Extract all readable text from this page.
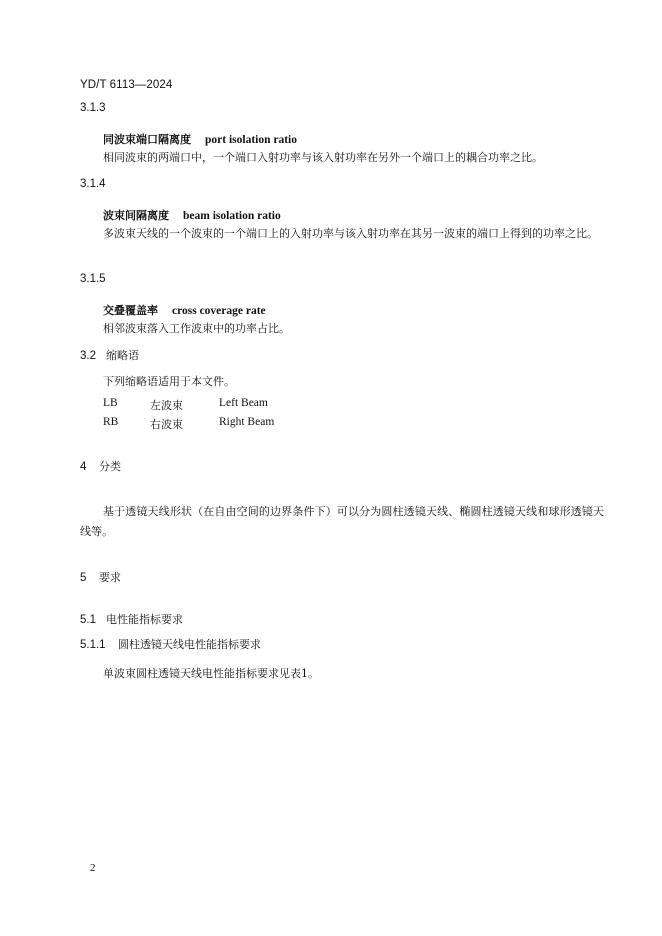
YD/T 6113—2024
3.1.3
同波束端口隔离度 port isolation ratio
相同波束的两端口中，一个端口入射功率与该入射功率在另外一个端口上的耦合功率之比。
3.1.4
波束间隔离度 beam isolation ratio
多波束天线的一个波束的一个端口上的入射功率与该入射功率在其另一波束的端口上得到的功率之比。
3.1.5
交叠覆盖率 cross coverage rate
相邻波束落入工作波束中的功率占比。
3.2 缩略语
下列缩略语适用于本文件。
LB	左波束	Left Beam
RB	右波束	Right Beam
4 分类
基于透镜天线形状（在自由空间的边界条件下）可以分为圆柱透镜天线、椭圆柱透镜天线和球形透镜天线等。
5 要求
5.1 电性能指标要求
5.1.1 圆柱透镜天线电性能指标要求
单波束圆柱透镜天线电性能指标要求见表1。
2
